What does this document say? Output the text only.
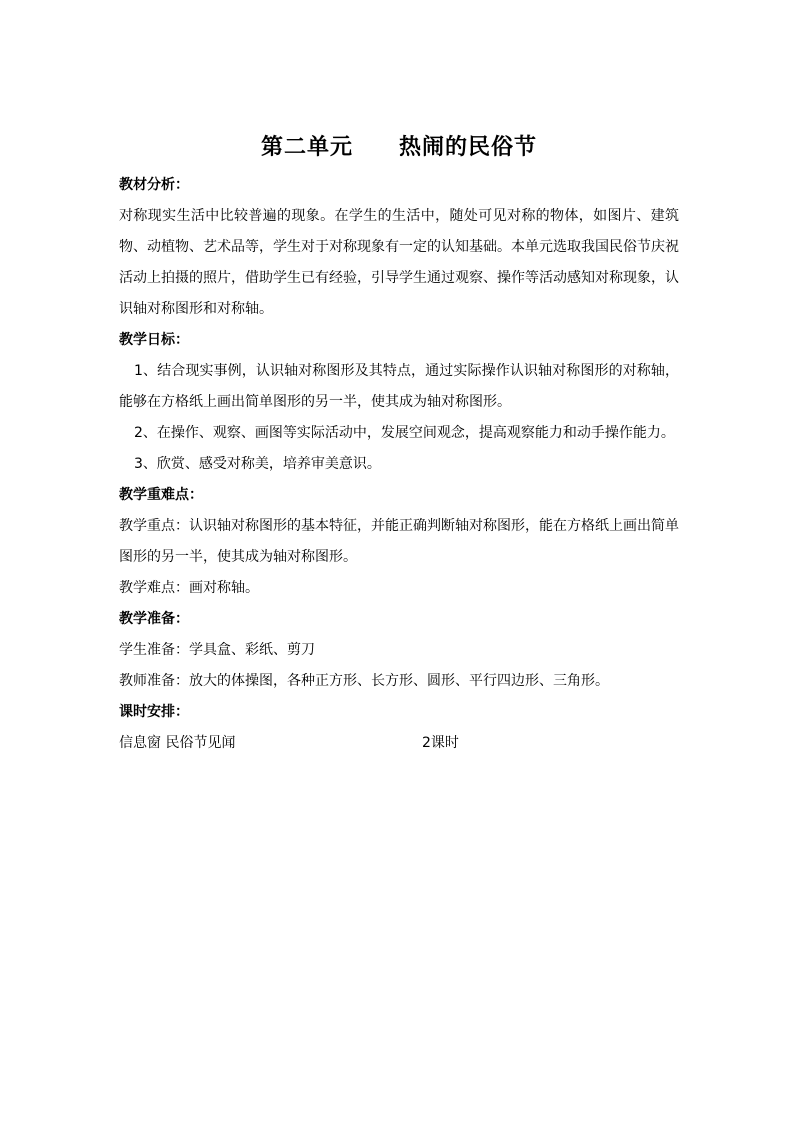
第二单元　　热闹的民俗节

教材分析：

对称现实生活中比较普遍的现象。在学生的生活中，随处可见对称的物体，如图片、建筑物、动植物、艺术品等，学生对于对称现象有一定的认知基础。本单元选取我国民俗节庆祝活动上拍摄的照片，借助学生已有经验，引导学生通过观察、操作等活动感知对称现象，认识轴对称图形和对称轴。

教学日标：

1、结合现实事例，认识轴对称图形及其特点，通过实际操作认识轴对称图形的对称轴，能够在方格纸上画出简单图形的另一半，使其成为轴对称图形。

2、在操作、观察、画图等实际活动中，发展空间观念，提高观察能力和动手操作能力。

3、欣赏、感受对称美，培养审美意识。

教学重难点：

教学重点：认识轴对称图形的基本特征，并能正确判断轴对称图形，能在方格纸上画出简单图形的另一半，使其成为轴对称图形。

教学难点：画对称轴。

教学准备：

学生准备：学具盒、彩纸、剪刀

教师准备：放大的体操图，各种正方形、长方形、圆形、平行四边形、三角形。

课时安排：

信息窗 民俗节见闻	2课时
